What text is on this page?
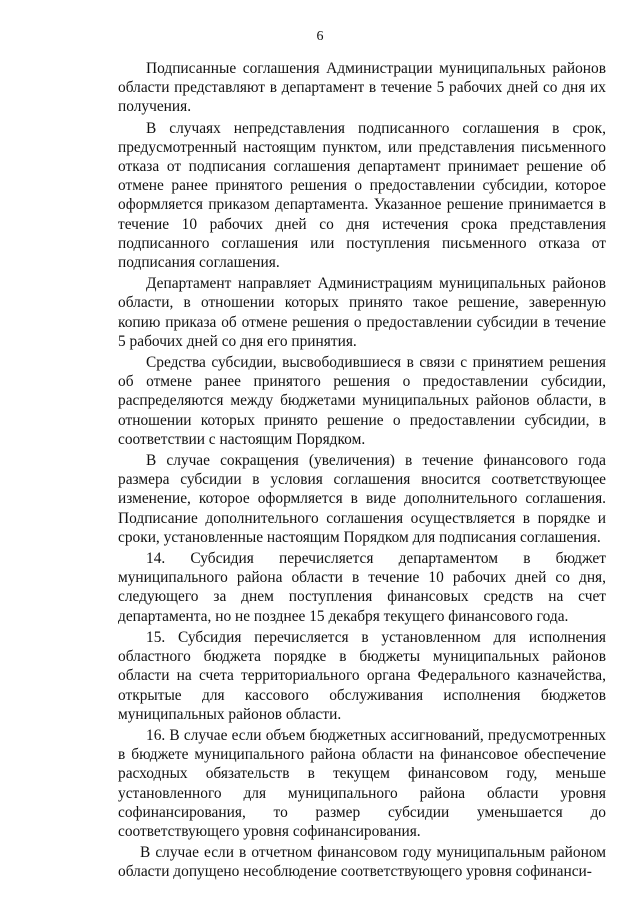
6

Подписанные соглашения Администрации муниципальных районов области представляют в департамент в течение 5 рабочих дней со дня их получения.

В случаях непредставления подписанного соглашения в срок, предусмотренный настоящим пунктом, или представления письменного отказа от подписания соглашения департамент принимает решение об отмене ранее принятого решения о предоставлении субсидии, которое оформляется приказом департамента. Указанное решение принимается в течение 10 рабочих дней со дня истечения срока представления подписанного соглашения или поступления письменного отказа от подписания соглашения.

Департамент направляет Администрациям муниципальных районов области, в отношении которых принято такое решение, заверенную копию приказа об отмене решения о предоставлении субсидии в течение 5 рабочих дней со дня его принятия.

Средства субсидии, высвободившиеся в связи с принятием решения об отмене ранее принятого решения о предоставлении субсидии, распределяются между бюджетами муниципальных районов области, в отношении которых принято решение о предоставлении субсидии, в соответствии с настоящим Порядком.

В случае сокращения (увеличения) в течение финансового года размера субсидии в условия соглашения вносится соответствующее изменение, которое оформляется в виде дополнительного соглашения. Подписание дополнительного соглашения осуществляется в порядке и сроки, установленные настоящим Порядком для подписания соглашения.

14. Субсидия перечисляется департаментом в бюджет муниципального района области в течение 10 рабочих дней со дня, следующего за днем поступления финансовых средств на счет департамента, но не позднее 15 декабря текущего финансового года.

15. Субсидия перечисляется в установленном для исполнения областного бюджета порядке в бюджеты муниципальных районов области на счета территориального органа Федерального казначейства, открытые для кассового обслуживания исполнения бюджетов муниципальных районов области.

16. В случае если объем бюджетных ассигнований, предусмотренных в бюджете муниципального района области на финансовое обеспечение расходных обязательств в текущем финансовом году, меньше установленного для муниципального района области уровня софинансирования, то размер субсидии уменьшается до соответствующего уровня софинансирования.

В случае если в отчетном финансовом году муниципальным районом области допущено несоблюдение соответствующего уровня софинанси-
